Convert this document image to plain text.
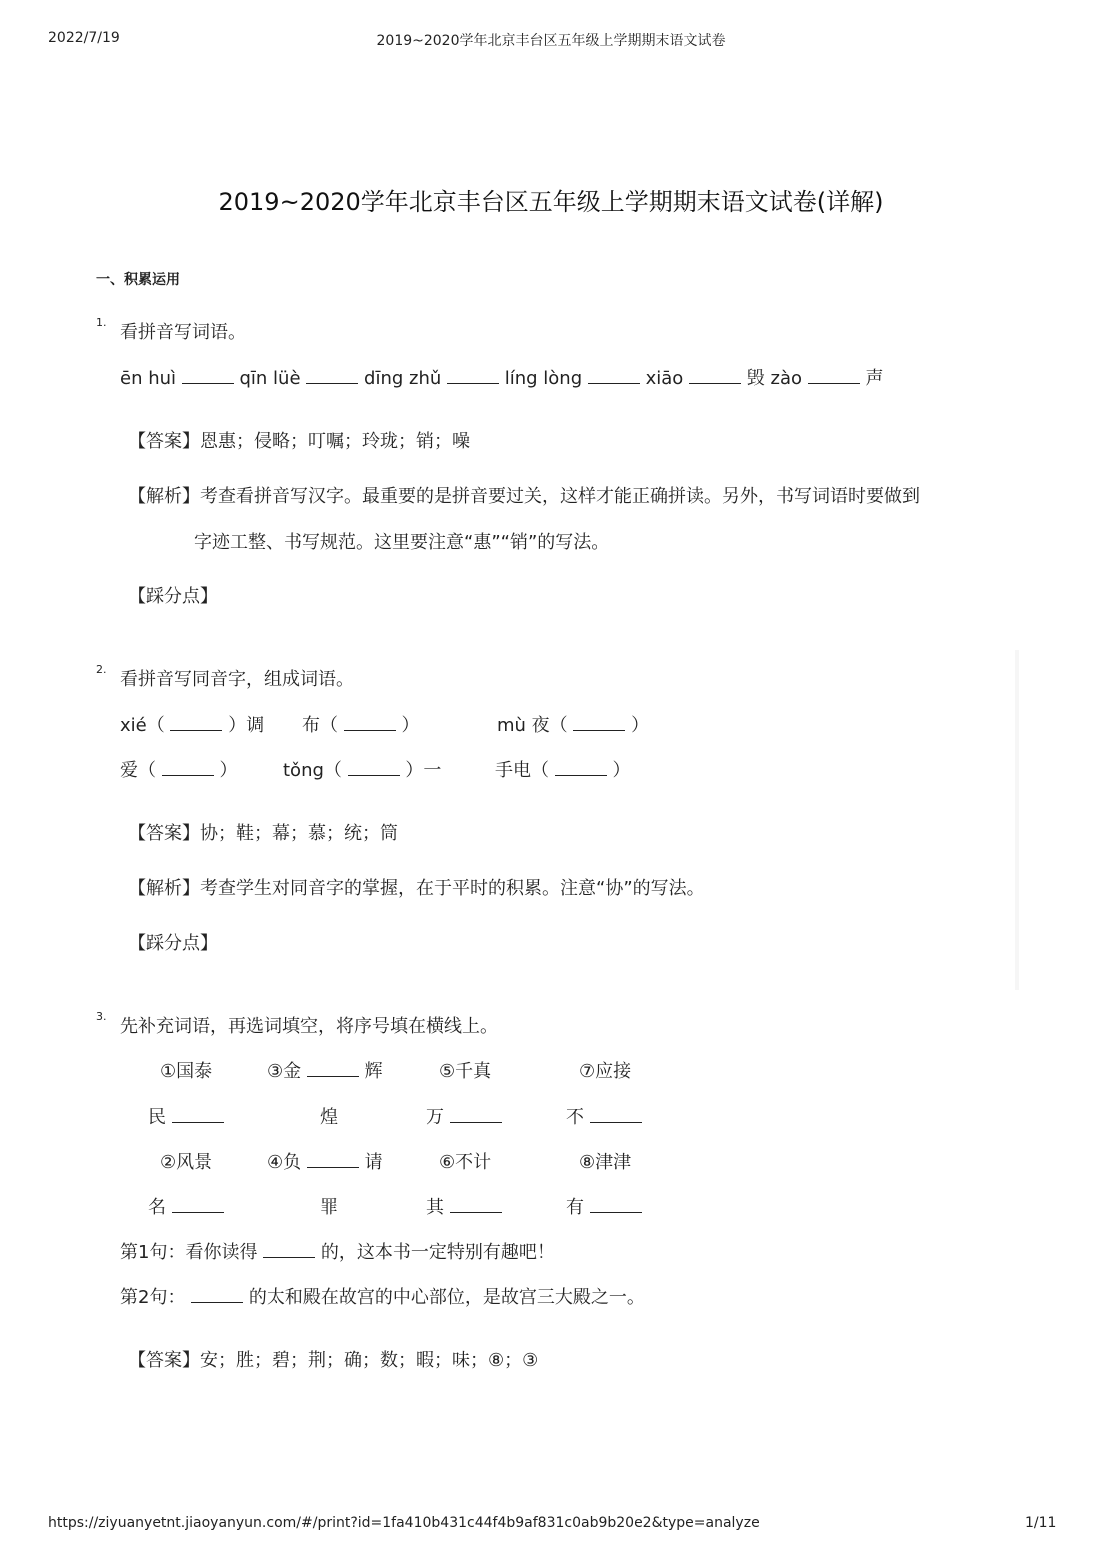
2022/7/19	2019~2020学年北京丰台区五年级上学期期末语文试卷
2019~2020学年北京丰台区五年级上学期期末语文试卷(详解)
一、积累运用
1. 看拼音写词语。
ēn huì	qīn lüè	dīng zhǔ	líng lòng	xiāo	毁 zào	声
【答案】恩惠；侵略；叮嘱；玲珑；销；噪
【解析】考查看拼音写汉字。最重要的是拼音要过关，这样才能正确拼读。另外，书写词语时要做到
字迹工整、书写规范。这里要注意“惠”“销”的写法。
【踩分点】
2. 看拼音写同音字，组成词语。
xié（	）调 布（	）	mù 夜（	）
爱（	）	tǒng（	）一	手电（	）
【答案】协；鞋；幕；慕；统；筒
【解析】考查学生对同音字的掌握，在于平时的积累。注意“协”的写法。
【踩分点】
3. 先补充词语，再选词填空，将序号填在横线上。
①国泰	③金	辉	⑤千真	⑦应接
民	煌	万	不
②风景	④负	请	⑥不计	⑧津津
名	罪	其	有
第1句：看你读得	的，这本书一定特别有趣吧！
第2句：	的太和殿在故宫的中心部位，是故宫三大殿之一。
【答案】安；胜；碧；荆；确；数；暇；味；⑧；③
https://ziyuanyetnt.jiaoyanyun.com/#/print?id=1fa410b431c44f4b9af831c0ab9b20e2&type=analyze	1/11
